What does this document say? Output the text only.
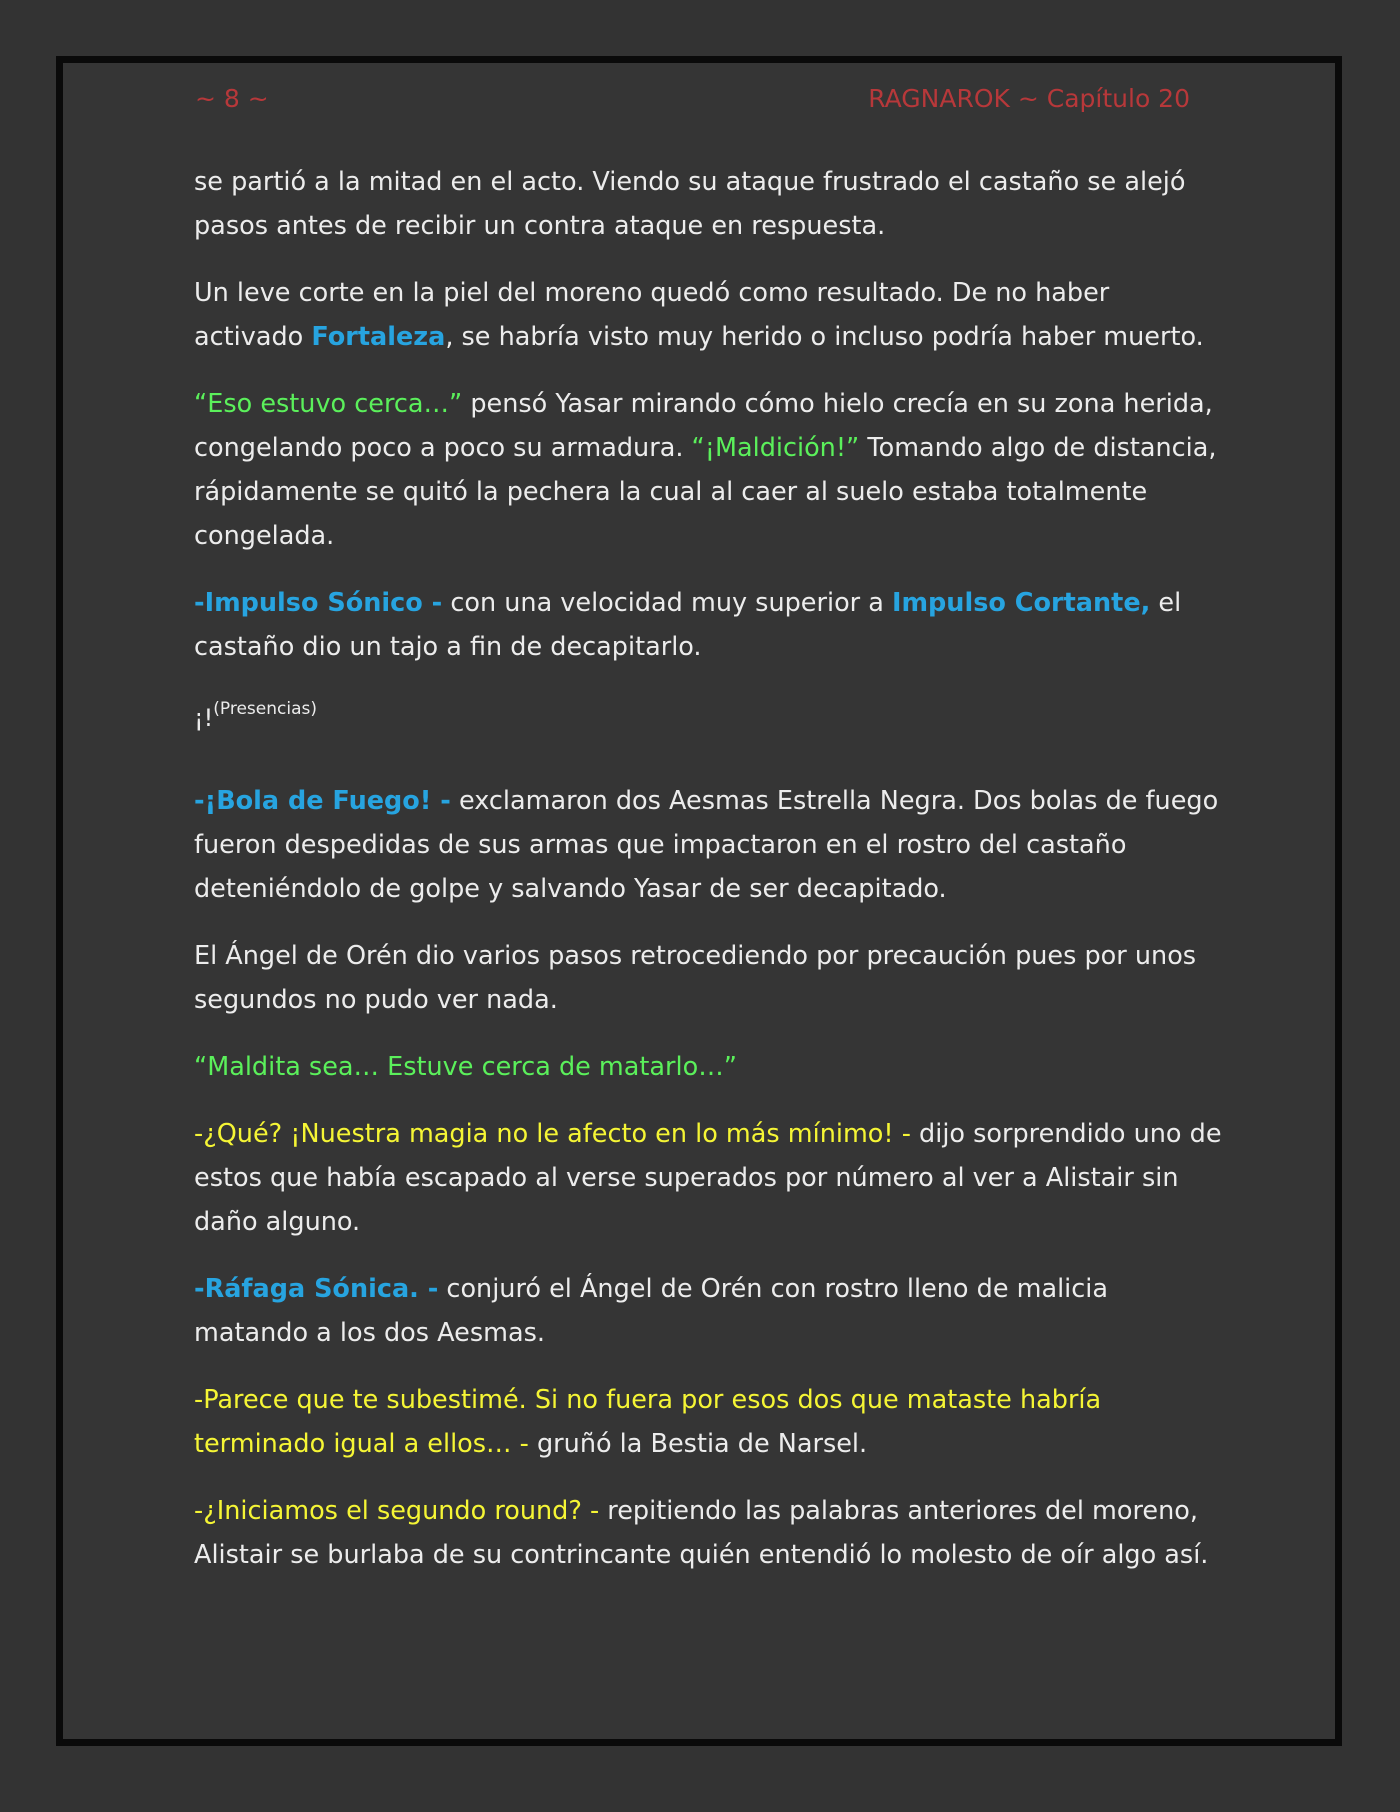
~ 8 ~	RAGNAROK ~ Capítulo 20

se partió a la mitad en el acto. Viendo su ataque frustrado el castaño se alejó pasos antes de recibir un contra ataque en respuesta.

Un leve corte en la piel del moreno quedó como resultado. De no haber activado Fortaleza, se habría visto muy herido o incluso podría haber muerto.

“Eso estuvo cerca…” pensó Yasar mirando cómo hielo crecía en su zona herida, congelando poco a poco su armadura. “¡Maldición!” Tomando algo de distancia, rápidamente se quitó la pechera la cual al caer al suelo estaba totalmente congelada.

-Impulso Sónico - con una velocidad muy superior a Impulso Cortante, el castaño dio un tajo a fin de decapitarlo.

¡!$^{(Presencias)}$

-¡Bola de Fuego! - exclamaron dos Aesmas Estrella Negra. Dos bolas de fuego fueron despedidas de sus armas que impactaron en el rostro del castaño deteniéndolo de golpe y salvando Yasar de ser decapitado.

El Ángel de Orén dio varios pasos retrocediendo por precaución pues por unos segundos no pudo ver nada.

“Maldita sea… Estuve cerca de matarlo…”

-¿Qué? ¡Nuestra magia no le afecto en lo más mínimo! - dijo sorprendido uno de estos que había escapado al verse superados por número al ver a Alistair sin daño alguno.

-Ráfaga Sónica. - conjuró el Ángel de Orén con rostro lleno de malicia matando a los dos Aesmas.

-Parece que te subestimé. Si no fuera por esos dos que mataste habría terminado igual a ellos… - gruñó la Bestia de Narsel.

-¿Iniciamos el segundo round? - repitiendo las palabras anteriores del moreno, Alistair se burlaba de su contrincante quién entendió lo molesto de oír algo así.
